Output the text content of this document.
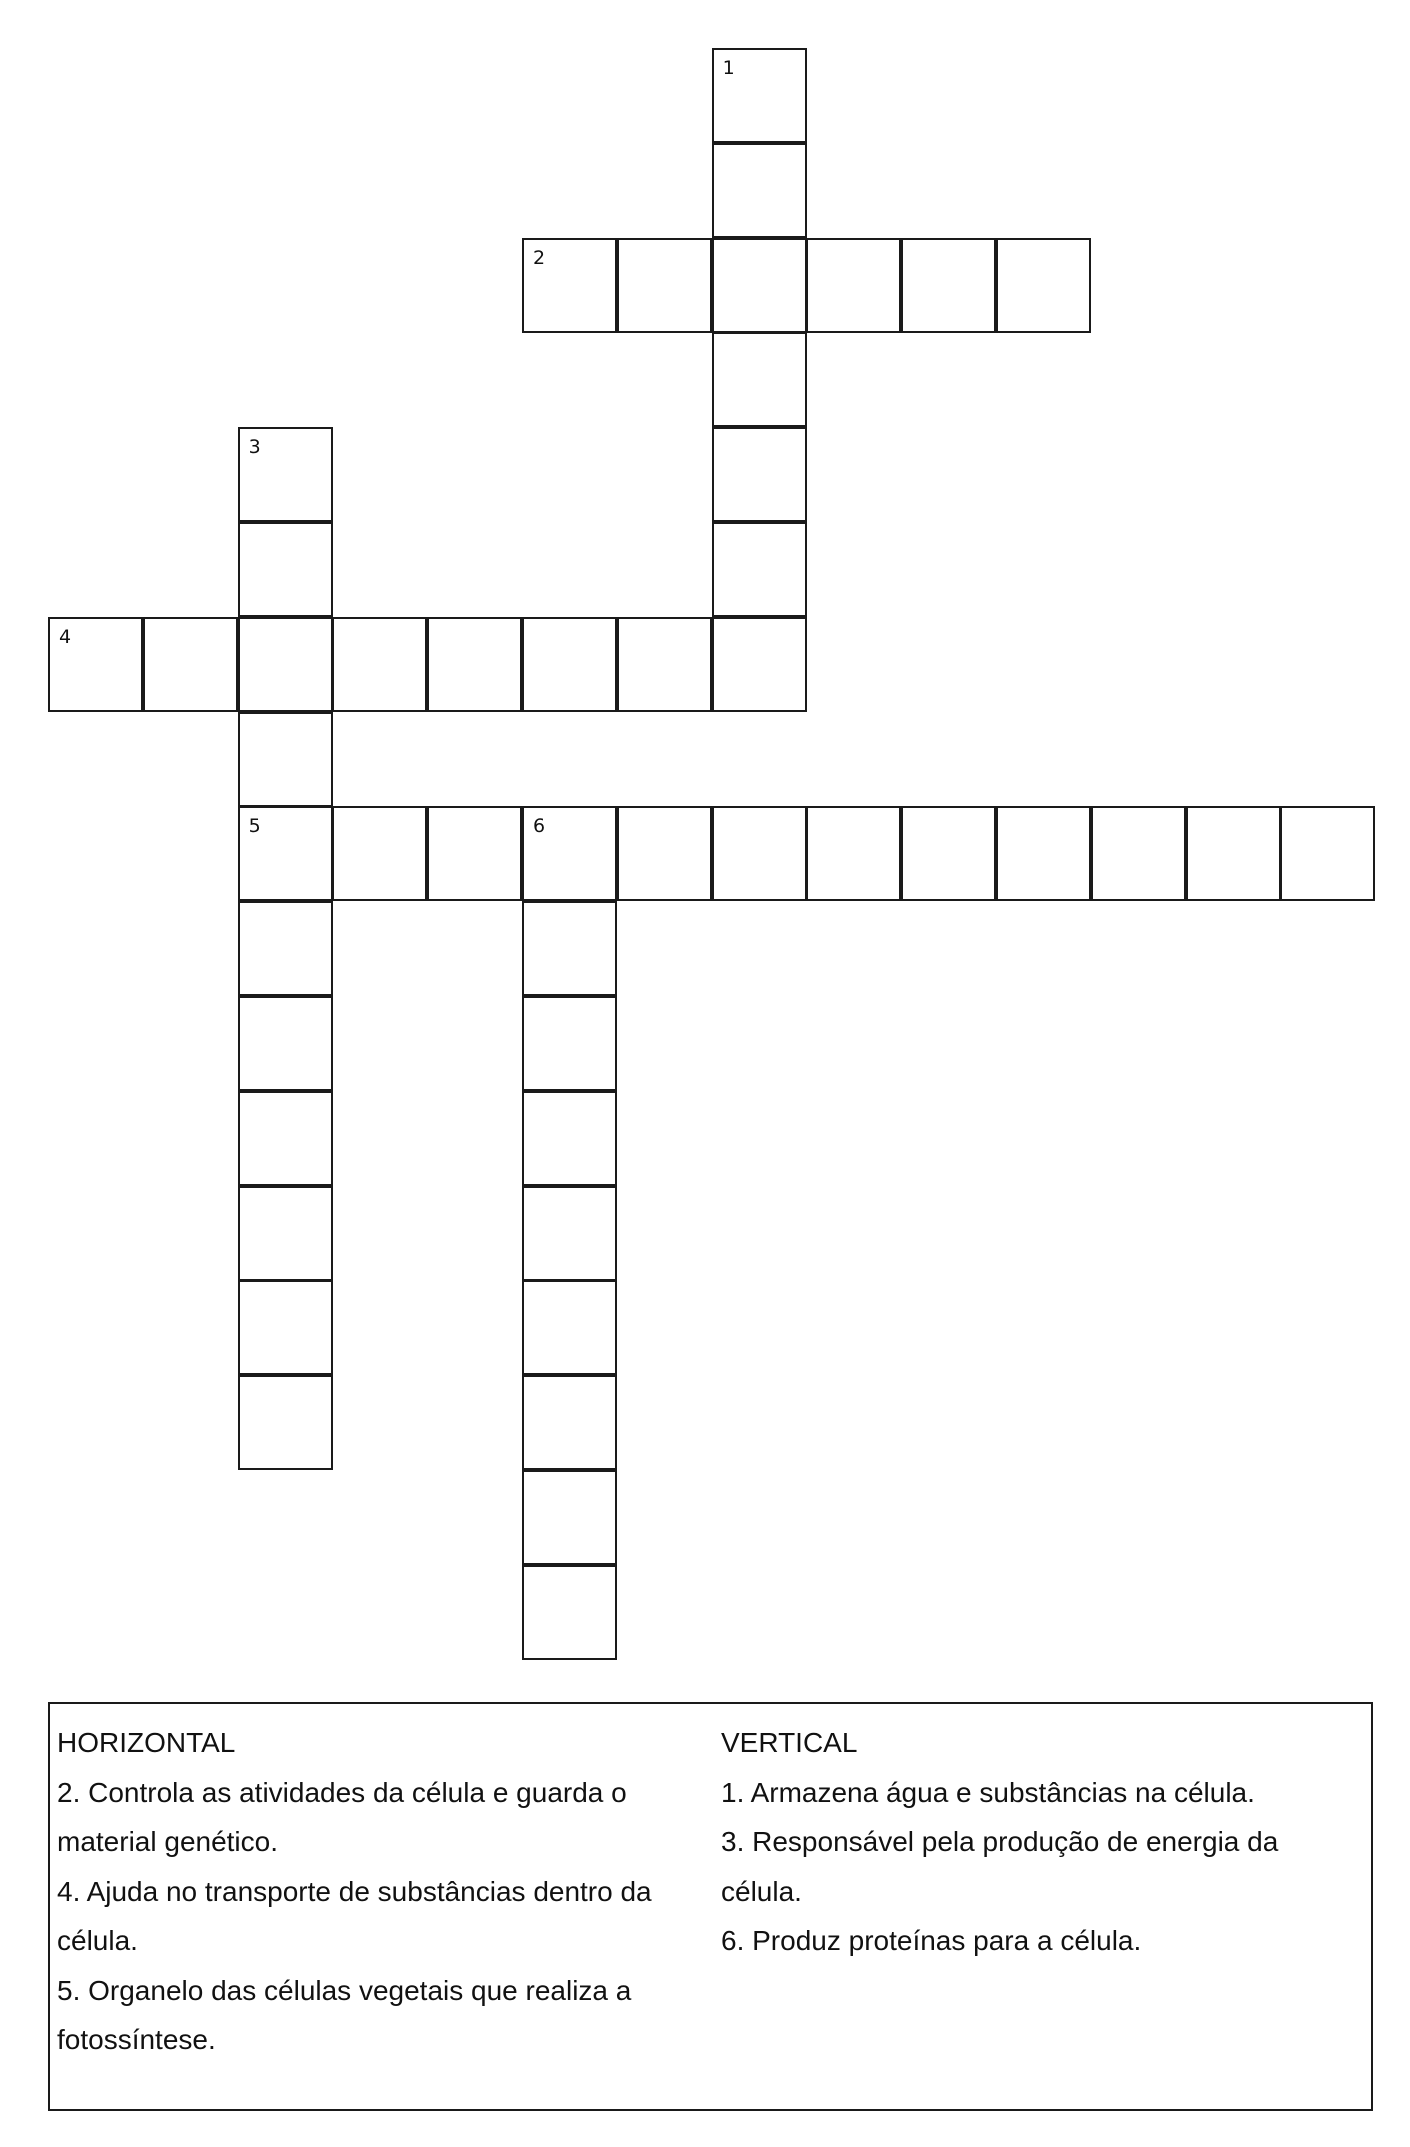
1
2
3
5
4
6
HORIZONTAL
2. Controla as atividades da célula e guarda o material genético.
4. Ajuda no transporte de substâncias dentro da célula.
5. Organelo das células vegetais que realiza a fotossíntese.
VERTICAL
1. Armazena água e substâncias na célula.
3. Responsável pela produção de energia da célula.
6. Produz proteínas para a célula.
